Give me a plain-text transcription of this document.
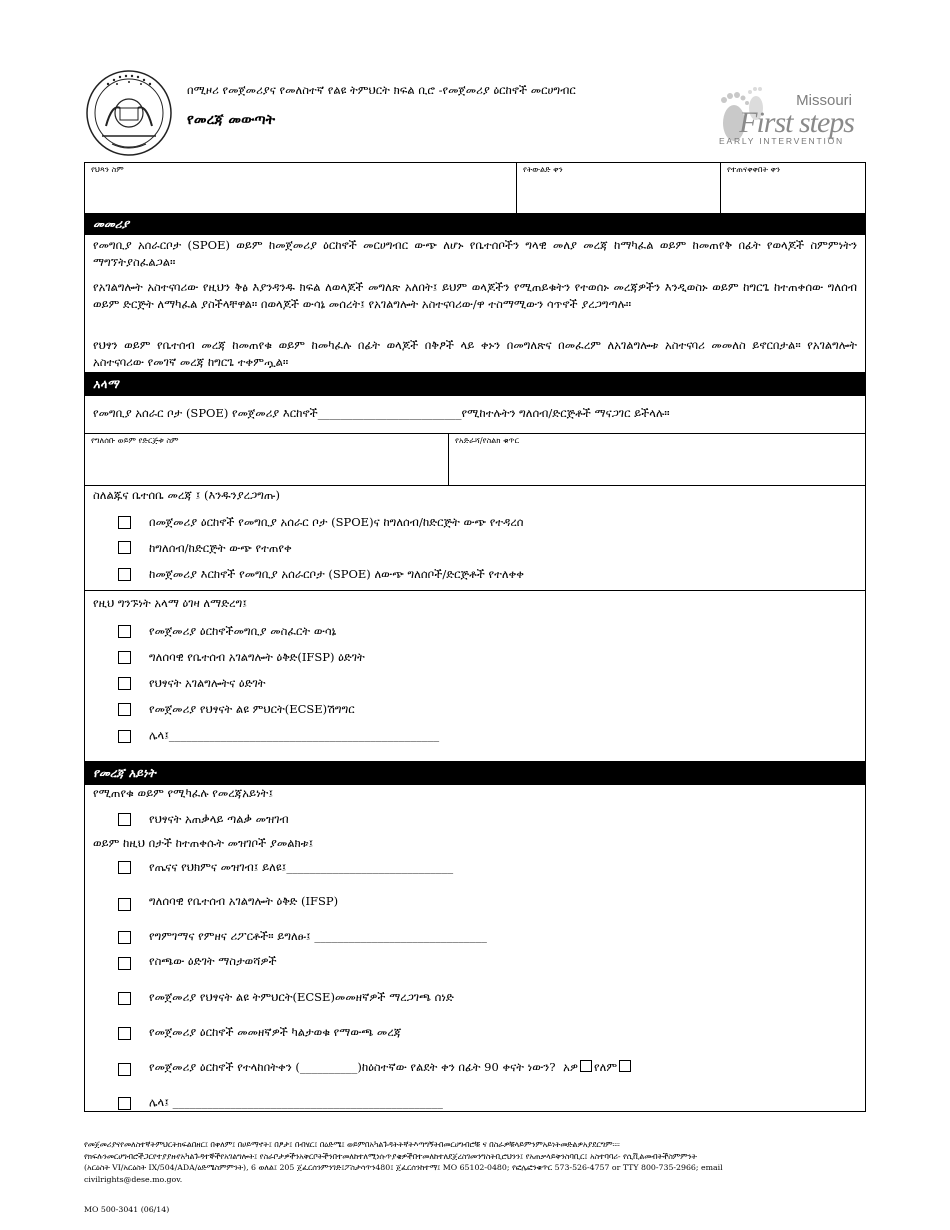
በሚዞሪ የመጀመሪያና የመለስተኛ የልዩ ትምህርት ክፍል ቢሮ -የመጀመሪያ ዕርከኖች መርሀግብር
የመረጃ መውጣት
Missouri
First steps
EARLY INTERVENTION
የህጻን ስም	የትውልድ ቀን	የተጠናቀቀበት ቀን
መመሪያ
የመግቢያ አሰራርቦታ (SPOE) ወይም ከመጀመሪያ ዕርከኖች መርሀግብር ውጭ ለሆኑ የቤተሰቦችን ግላዊ መለያ መረጃ ከማካፈል ወይም ከመጠየቅ በፊት የወላጆች ስምምነትን ማግኘትያስፈልጋል።
የአገልግሎት አስተናባሪው የዚህን ቅፅ እያንዳንዱ ክፍል ለወላጆች መግለጽ አለበት፤ ይህም ወላጆችን የሚጠይቁትን የተወሰኑ መረጃዎችን እንዲወስኑ ወይም ከግርጌ ከተጠቀሰው ግለሰብ ወይም ድርጅት ለማካፈል ያስችላቸዋል። በወላጆች ውሳኔ መሰረት፤ የአገልግሎት አስተናባሪው/ዋ ተስማሚውን ሳጥኖች ያረጋግጣሉ።
የህፃን ወይም የቤተሰብ መረጃ ከመጠየቁ ወይም ከመካፈሉ በፊት ወላጆች በቅፆች ላይ ቀኑን በመግለጽና በመፈረም ለአገልግሎቱ አስተናባሪ መመለስ ይኖርበታል። የአገልግሎት አስተናባሪው የመገኛ መረጃ ከግርጌ ተቀምጧል።
አላማ
የመግቢያ አሰራር ቦታ (SPOE) የመጀመሪያ እርከኖች_________________________የሚከተሉትን ግለሰብ/ድርጅቶች ማናጋገር ይችላሉ።
የግለሰቡ ወይም የድርጅቱ ስም	የአድራሻ/የስልክ ቁጥር
ስለልጁና ቤተሰቤ መረጃ ፤ (እንዱንያረጋግጡ)
በመጀመሪያ ዕርከኖች የመግቢያ አሰራር ቦታ (SPOE)ና ከግለሰብ/ከድርጅት ውጭ የተዳረሰ
ከግለሰብ/ከድርጅት ውጭ የተጠየቀ
ከመጀመሪያ እርከኖች የመግቢያ አሰራርቦታ (SPOE) ለውጭ ግለሰቦች/ድርጅቶች የተለቀቀ
የዚህ ግንኙነት አላማ ዕገዛ ለማድረግ፤
የመጀመሪያ ዕርከኖችመግቢያ መስፈርት ውሳኔ
ግለሰባዊ የቤተሰብ አገልግሎት ዕቅድ(IFSP) ዕድገት
የህፃናት አገልግሎትና ዕድገት
የመጀመሪያ የህፃናት ልዩ ምህርት(ECSE)ሽግግር
ሌላ፤_______________________________________________
የመረጃ አይነት
የሚጠየቁ ወይም የሚካፈሉ የመረጃአይነት፤
የህፃናት አጠቃላይ ጣልቃ መዝገብ
ወይም ከዚህ በታች ከተጠቀሱት መዝገቦች ያመልክቱ፤
የጤናና የህክምና መዝገብ፤ ይለዩ፤_____________________________
ግለሰባዊ የቤተሰብ አገልግሎት ዕቅድ (IFSP)
የግምገማና የምዘና ሪፖርቶች። ይግለፁ፤ ______________________________
የስጫው ዕድገት ማስታወሻዎች
የመጀመሪያ የህፃናት ልዩ ትምህርት(ECSE)መመዘኛዎች ማረጋገጫ ሰነድ
የመጀመሪያ ዕርከኖች መመዘኛዎች ካልታወቁ የማውጫ መረጃ
የመጀመሪያ ዕርከኖች የተላከበትቀን (__________)ከዕስተኛው የልደት ቀን በፊት 90 ቀናት ነውን? አዎ የለም
ሌላ፤ _______________________________________________
የመጀመሪያናየመለስተኛትምህርትክፍልበዘር፤ በቀለም፤ በሀይማኖት፤ በፆታ፤ በብሄር፤ በዕድሜ፤ ወይምበአካልጉዳትትኛትእጣግኝትበመርሀግብሮቹ ና በስራዎቹላይምንምአይነትመድልዎአያደርግም።።
የክፍሉንመርሀግብሮችጋርየተያያዙየአካልጉዳተኞችየአገልግሎት፤ የስራቦታዎችንአቅርቦትችንበተመለከተለሚነሱጥያቄዎችበተመለከተለደጀረስገመንግስትቢሮህንን፤ የአጠቃላይቅንስባቢር፤ አስተባባሪ- የሲቪልመብትችስምምንት
(አርዕስት VI/አርዕስት IX/504/ADA/ዕድሜስምምንት), 6 ወለል፤ 205 ጀፈርሰንምንገድ፤ፖስታሳጥን480፤ ጀፈርሰንከተማ፤ MO 65102-0480; የፎሌፎንቁጥር 573-526-4757 or TTY 800-735-2966; email
civilrights@dese.mo.gov.
MO 500-3041 (06/14)
